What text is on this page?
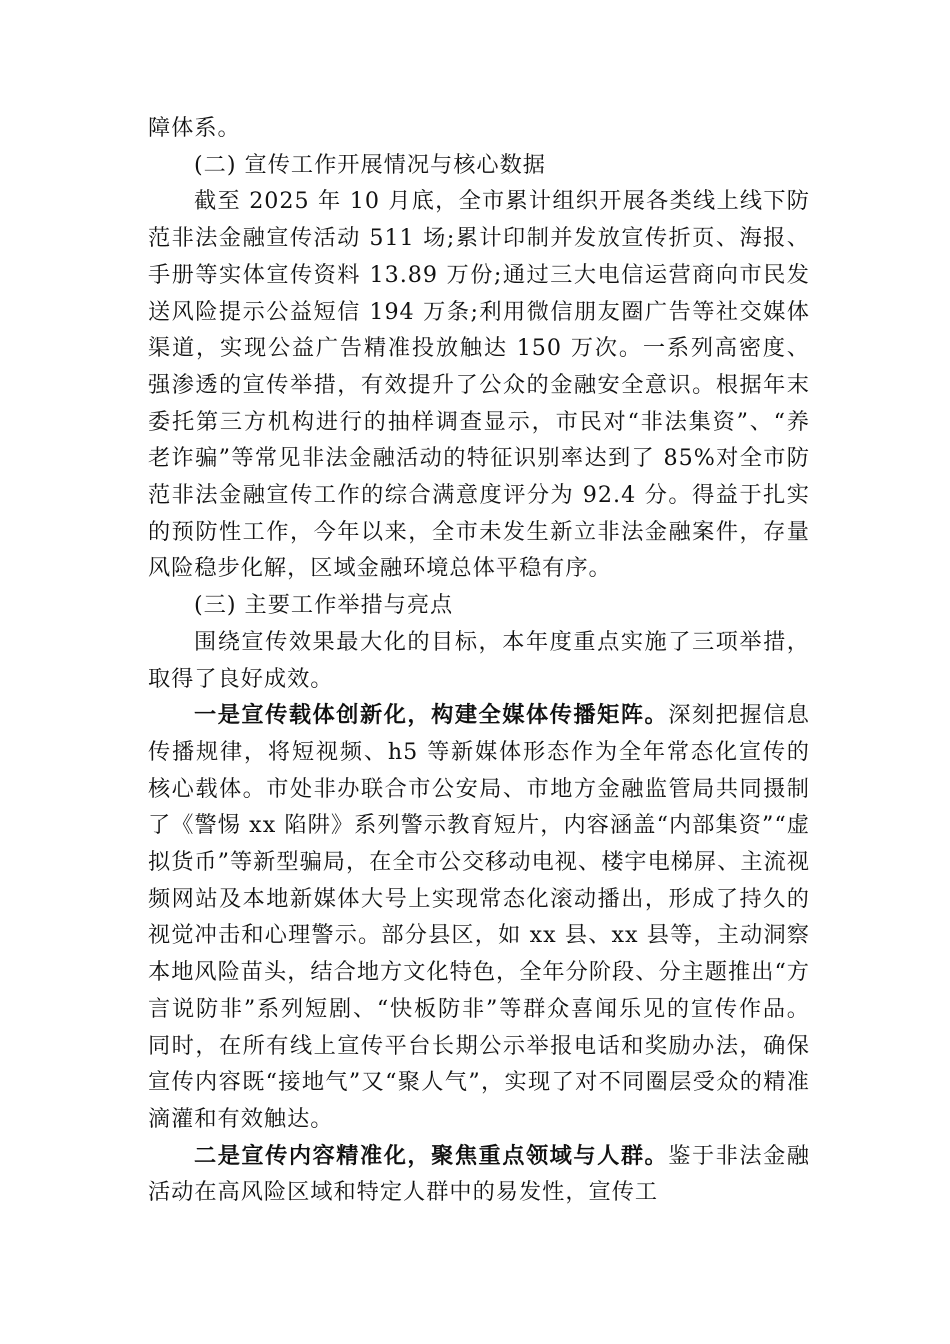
障体系。

(二) 宣传工作开展情况与核心数据

截至 2025 年 10 月底，全市累计组织开展各类线上线下防范非法金融宣传活动 511 场;累计印制并发放宣传折页、海报、手册等实体宣传资料 13.89 万份;通过三大电信运营商向市民发送风险提示公益短信 194 万条;利用微信朋友圈广告等社交媒体渠道，实现公益广告精准投放触达 150 万次。一系列高密度、强渗透的宣传举措，有效提升了公众的金融安全意识。根据年末委托第三方机构进行的抽样调查显示，市民对“非法集资”、“养老诈骗”等常见非法金融活动的特征识别率达到了 85%对全市防范非法金融宣传工作的综合满意度评分为 92.4 分。得益于扎实的预防性工作，今年以来，全市未发生新立非法金融案件，存量风险稳步化解，区域金融环境总体平稳有序。

(三) 主要工作举措与亮点

围绕宣传效果最大化的目标，本年度重点实施了三项举措，取得了良好成效。

一是宣传载体创新化，构建全媒体传播矩阵。深刻把握信息传播规律，将短视频、h5 等新媒体形态作为全年常态化宣传的核心载体。市处非办联合市公安局、市地方金融监管局共同摄制了《警惕 xx 陷阱》系列警示教育短片，内容涵盖“内部集资”“虚拟货币”等新型骗局，在全市公交移动电视、楼宇电梯屏、主流视频网站及本地新媒体大号上实现常态化滚动播出，形成了持久的视觉冲击和心理警示。部分县区，如 xx 县、xx 县等，主动洞察本地风险苗头，结合地方文化特色，全年分阶段、分主题推出“方言说防非”系列短剧、“快板防非”等群众喜闻乐见的宣传作品。同时，在所有线上宣传平台长期公示举报电话和奖励办法，确保宣传内容既“接地气”又“聚人气”，实现了对不同圈层受众的精准滴灌和有效触达。

二是宣传内容精准化，聚焦重点领域与人群。鉴于非法金融活动在高风险区域和特定人群中的易发性，宣传工
